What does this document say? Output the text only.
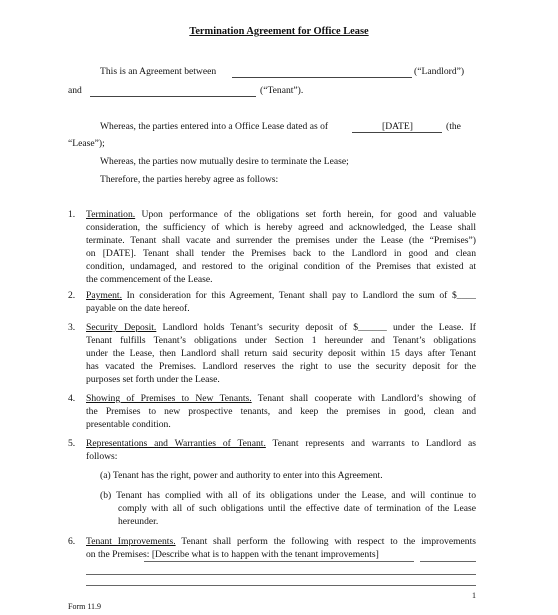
Termination Agreement for Office Lease
This is an Agreement between	(“Landlord”)
and	(“Tenant”).
Whereas, the parties entered into a Office Lease dated as of	[DATE]	(the
“Lease”);
Whereas, the parties now mutually desire to terminate the Lease;
Therefore, the parties hereby agree as follows:
1. Termination. Upon performance of the obligations set forth herein, for good and valuable
consideration, the sufficiency of which is hereby agreed and acknowledged, the Lease shall
terminate. Tenant shall vacate and surrender the premises under the Lease (the “Premises”)
on [DATE]. Tenant shall tender the Premises back to the Landlord in good and clean
condition, undamaged, and restored to the original condition of the Premises that existed at
the commencement of the Lease.
2. Payment. In consideration for this Agreement, Tenant shall pay to Landlord the sum of $____
payable on the date hereof.
3. Security Deposit. Landlord holds Tenant’s security deposit of $______ under the Lease. If
Tenant fulfills Tenant’s obligations under Section 1 hereunder and Tenant’s obligations
under the Lease, then Landlord shall return said security deposit within 15 days after Tenant
has vacated the Premises. Landlord reserves the right to use the security deposit for the
purposes set forth under the Lease.
4. Showing of Premises to New Tenants. Tenant shall cooperate with Landlord’s showing of
the Premises to new prospective tenants, and keep the premises in good, clean and
presentable condition.
5. Representations and Warranties of Tenant. Tenant represents and warrants to Landlord as
follows:
(a) Tenant has the right, power and authority to enter into this Agreement.
(b) Tenant has complied with all of its obligations under the Lease, and will continue to
comply with all of such obligations until the effective date of termination of the Lease
hereunder.
6. Tenant Improvements. Tenant shall perform the following with respect to the improvements
on the Premises: [Describe what is to happen with the tenant improvements]
1
Form 11.9
